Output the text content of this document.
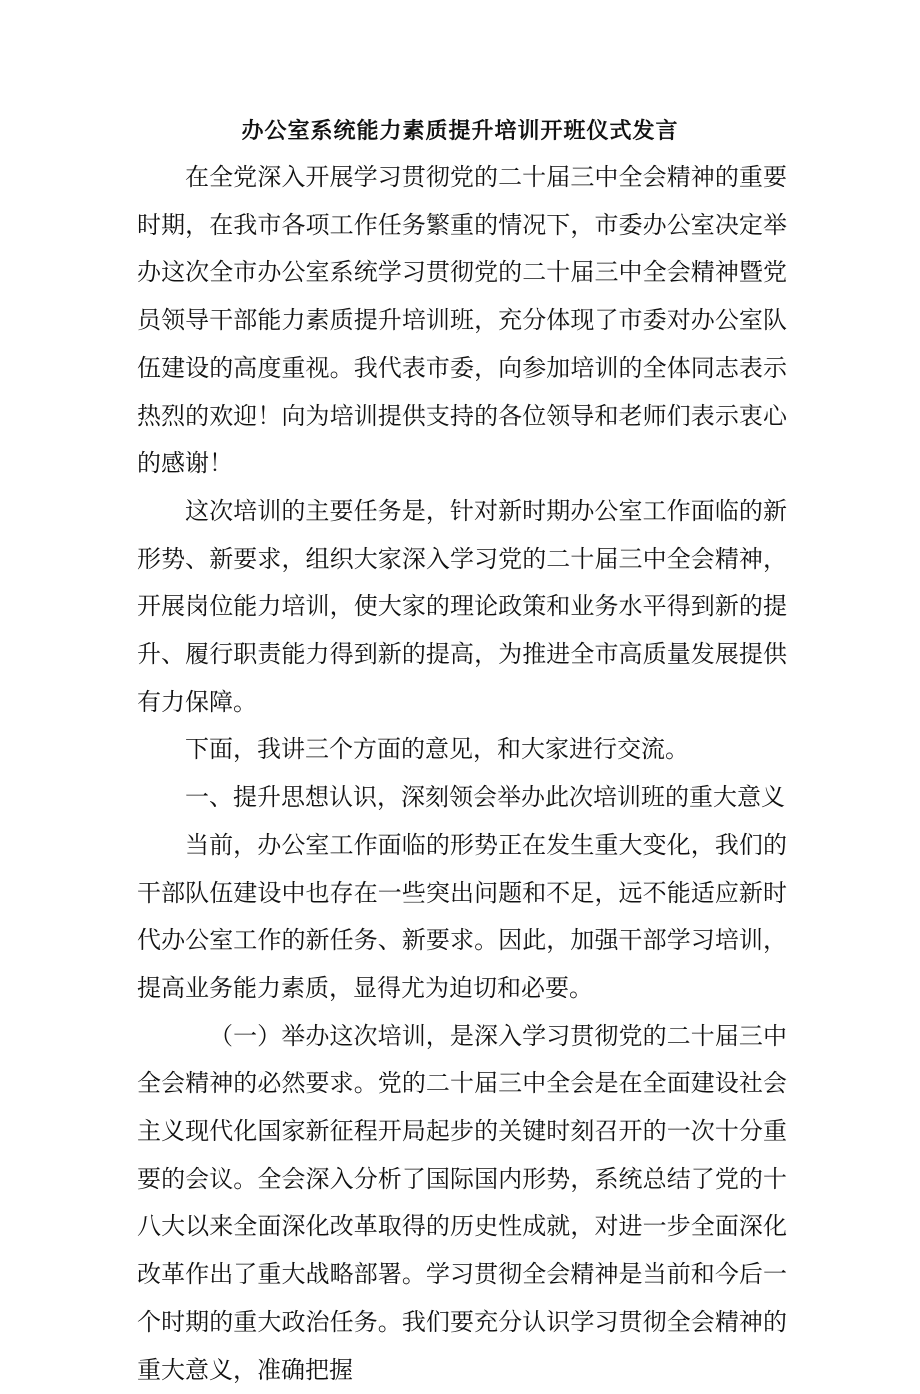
办公室系统能力素质提升培训开班仪式发言

在全党深入开展学习贯彻党的二十届三中全会精神的重要时期，在我市各项工作任务繁重的情况下，市委办公室决定举办这次全市办公室系统学习贯彻党的二十届三中全会精神暨党员领导干部能力素质提升培训班，充分体现了市委对办公室队伍建设的高度重视。我代表市委，向参加培训的全体同志表示热烈的欢迎！向为培训提供支持的各位领导和老师们表示衷心的感谢！

这次培训的主要任务是，针对新时期办公室工作面临的新形势、新要求，组织大家深入学习党的二十届三中全会精神，开展岗位能力培训，使大家的理论政策和业务水平得到新的提升、履行职责能力得到新的提高，为推进全市高质量发展提供有力保障。

下面，我讲三个方面的意见，和大家进行交流。

一、提升思想认识，深刻领会举办此次培训班的重大意义

当前，办公室工作面临的形势正在发生重大变化，我们的干部队伍建设中也存在一些突出问题和不足，远不能适应新时代办公室工作的新任务、新要求。因此，加强干部学习培训，提高业务能力素质，显得尤为迫切和必要。

（一）举办这次培训，是深入学习贯彻党的二十届三中全会精神的必然要求。党的二十届三中全会是在全面建设社会主义现代化国家新征程开局起步的关键时刻召开的一次十分重要的会议。全会深入分析了国际国内形势，系统总结了党的十八大以来全面深化改革取得的历史性成就，对进一步全面深化改革作出了重大战略部署。学习贯彻全会精神是当前和今后一个时期的重大政治任务。我们要充分认识学习贯彻全会精神的重大意义，准确把握
